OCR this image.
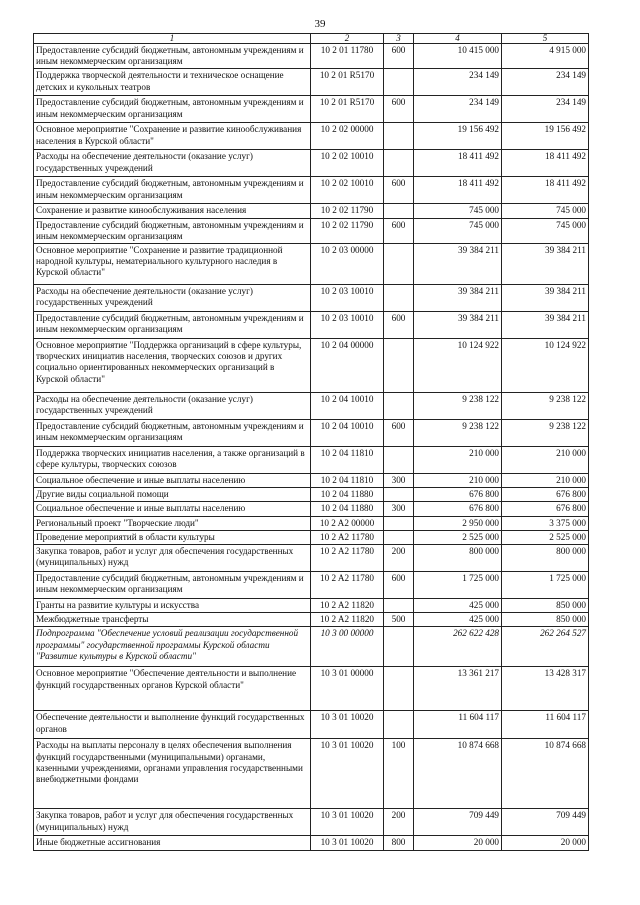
39
1	2	3	4	5
Предоставление субсидий бюджетным, автономным учреждениям и иным некоммерческим организациям	10 2 01 11780	600	10 415 000	4 915 000
Поддержка творческой деятельности и техническое оснащение детских и кукольных театров	10 2 01 R5170		234 149	234 149
Предоставление субсидий бюджетным, автономным учреждениям и иным некоммерческим организациям	10 2 01 R5170	600	234 149	234 149
Основное мероприятие "Сохранение и развитие кинообслуживания населения в Курской области"	10 2 02 00000		19 156 492	19 156 492
Расходы на обеспечение деятельности (оказание услуг) государственных учреждений	10 2 02 10010		18 411 492	18 411 492
Предоставление субсидий бюджетным, автономным учреждениям и иным некоммерческим организациям	10 2 02 10010	600	18 411 492	18 411 492
Сохранение и развитие кинообслуживания населения	10 2 02 11790		745 000	745 000
Предоставление субсидий бюджетным, автономным учреждениям и иным некоммерческим организациям	10 2 02 11790	600	745 000	745 000
Основное мероприятие "Сохранение и развитие традиционной народной культуры, нематериального культурного наследия в Курской области"	10 2 03 00000		39 384 211	39 384 211
Расходы на обеспечение деятельности (оказание услуг) государственных учреждений	10 2 03 10010		39 384 211	39 384 211
Предоставление субсидий бюджетным, автономным учреждениям и иным некоммерческим организациям	10 2 03 10010	600	39 384 211	39 384 211
Основное мероприятие "Поддержка организаций в сфере культуры, творческих инициатив населения, творческих союзов и других социально ориентированных некоммерческих организаций в Курской области"	10 2 04 00000		10 124 922	10 124 922
Расходы на обеспечение деятельности (оказание услуг) государственных учреждений	10 2 04 10010		9 238 122	9 238 122
Предоставление субсидий бюджетным, автономным учреждениям и иным некоммерческим организациям	10 2 04 10010	600	9 238 122	9 238 122
Поддержка творческих инициатив населения, а также организаций в сфере культуры, творческих союзов	10 2 04 11810		210 000	210 000
Социальное обеспечение и иные выплаты населению	10 2 04 11810	300	210 000	210 000
Другие виды социальной помощи	10 2 04 11880		676 800	676 800
Социальное обеспечение и иные выплаты населению	10 2 04 11880	300	676 800	676 800
Региональный проект "Творческие люди"	10 2 A2 00000		2 950 000	3 375 000
Проведение мероприятий в области культуры	10 2 A2 11780		2 525 000	2 525 000
Закупка товаров, работ и услуг для обеспечения государственных (муниципальных) нужд	10 2 A2 11780	200	800 000	800 000
Предоставление субсидий бюджетным, автономным учреждениям и иным некоммерческим организациям	10 2 A2 11780	600	1 725 000	1 725 000
Гранты на развитие культуры и искусства	10 2 A2 11820		425 000	850 000
Межбюджетные трансферты	10 2 A2 11820	500	425 000	850 000
Подпрограмма "Обеспечение условий реализации государственной программы" государственной программы Курской области "Развитие культуры в Курской области"	10 3 00 00000		262 622 428	262 264 527
Основное мероприятие "Обеспечение деятельности и выполнение функций государственных органов Курской области"	10 3 01 00000		13 361 217	13 428 317
Обеспечение деятельности и выполнение функций государственных органов	10 3 01 10020		11 604 117	11 604 117
Расходы на выплаты персоналу в целях обеспечения выполнения функций государственными (муниципальными) органами, казенными учреждениями, органами управления государственными внебюджетными фондами	10 3 01 10020	100	10 874 668	10 874 668
Закупка товаров, работ и услуг для обеспечения государственных (муниципальных) нужд	10 3 01 10020	200	709 449	709 449
Иные бюджетные ассигнования	10 3 01 10020	800	20 000	20 000
